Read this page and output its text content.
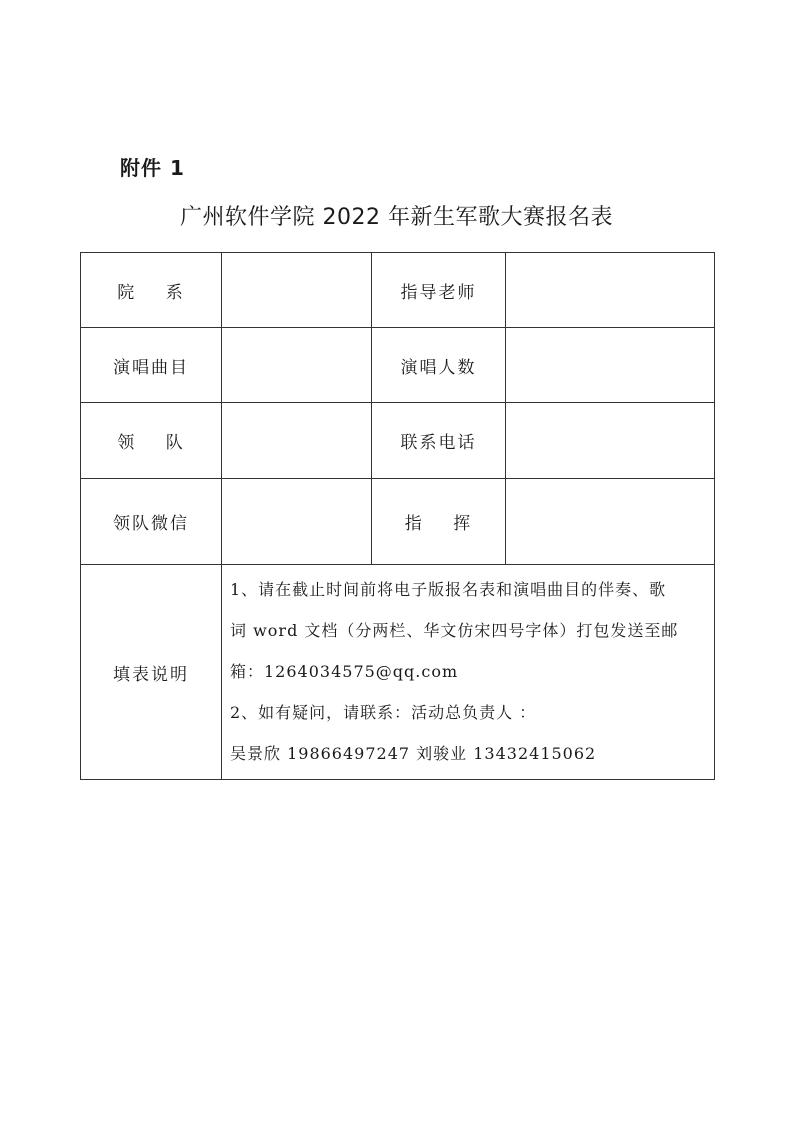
附件 1
广州软件学院 2022 年新生军歌大赛报名表
院    系		指导老师	
演唱曲目		演唱人数	
领    队		联系电话	
领队微信		指    挥	
填表说明	1、请在截止时间前将电子版报名表和演唱曲目的伴奏、歌

词 word 文档（分两栏、华文仿宋四号字体）打包发送至邮

箱：1264034575@qq.com

2、如有疑问，请联系：活动总负责人 ：

吴景欣 19866497247 刘骏业 13432415062		
